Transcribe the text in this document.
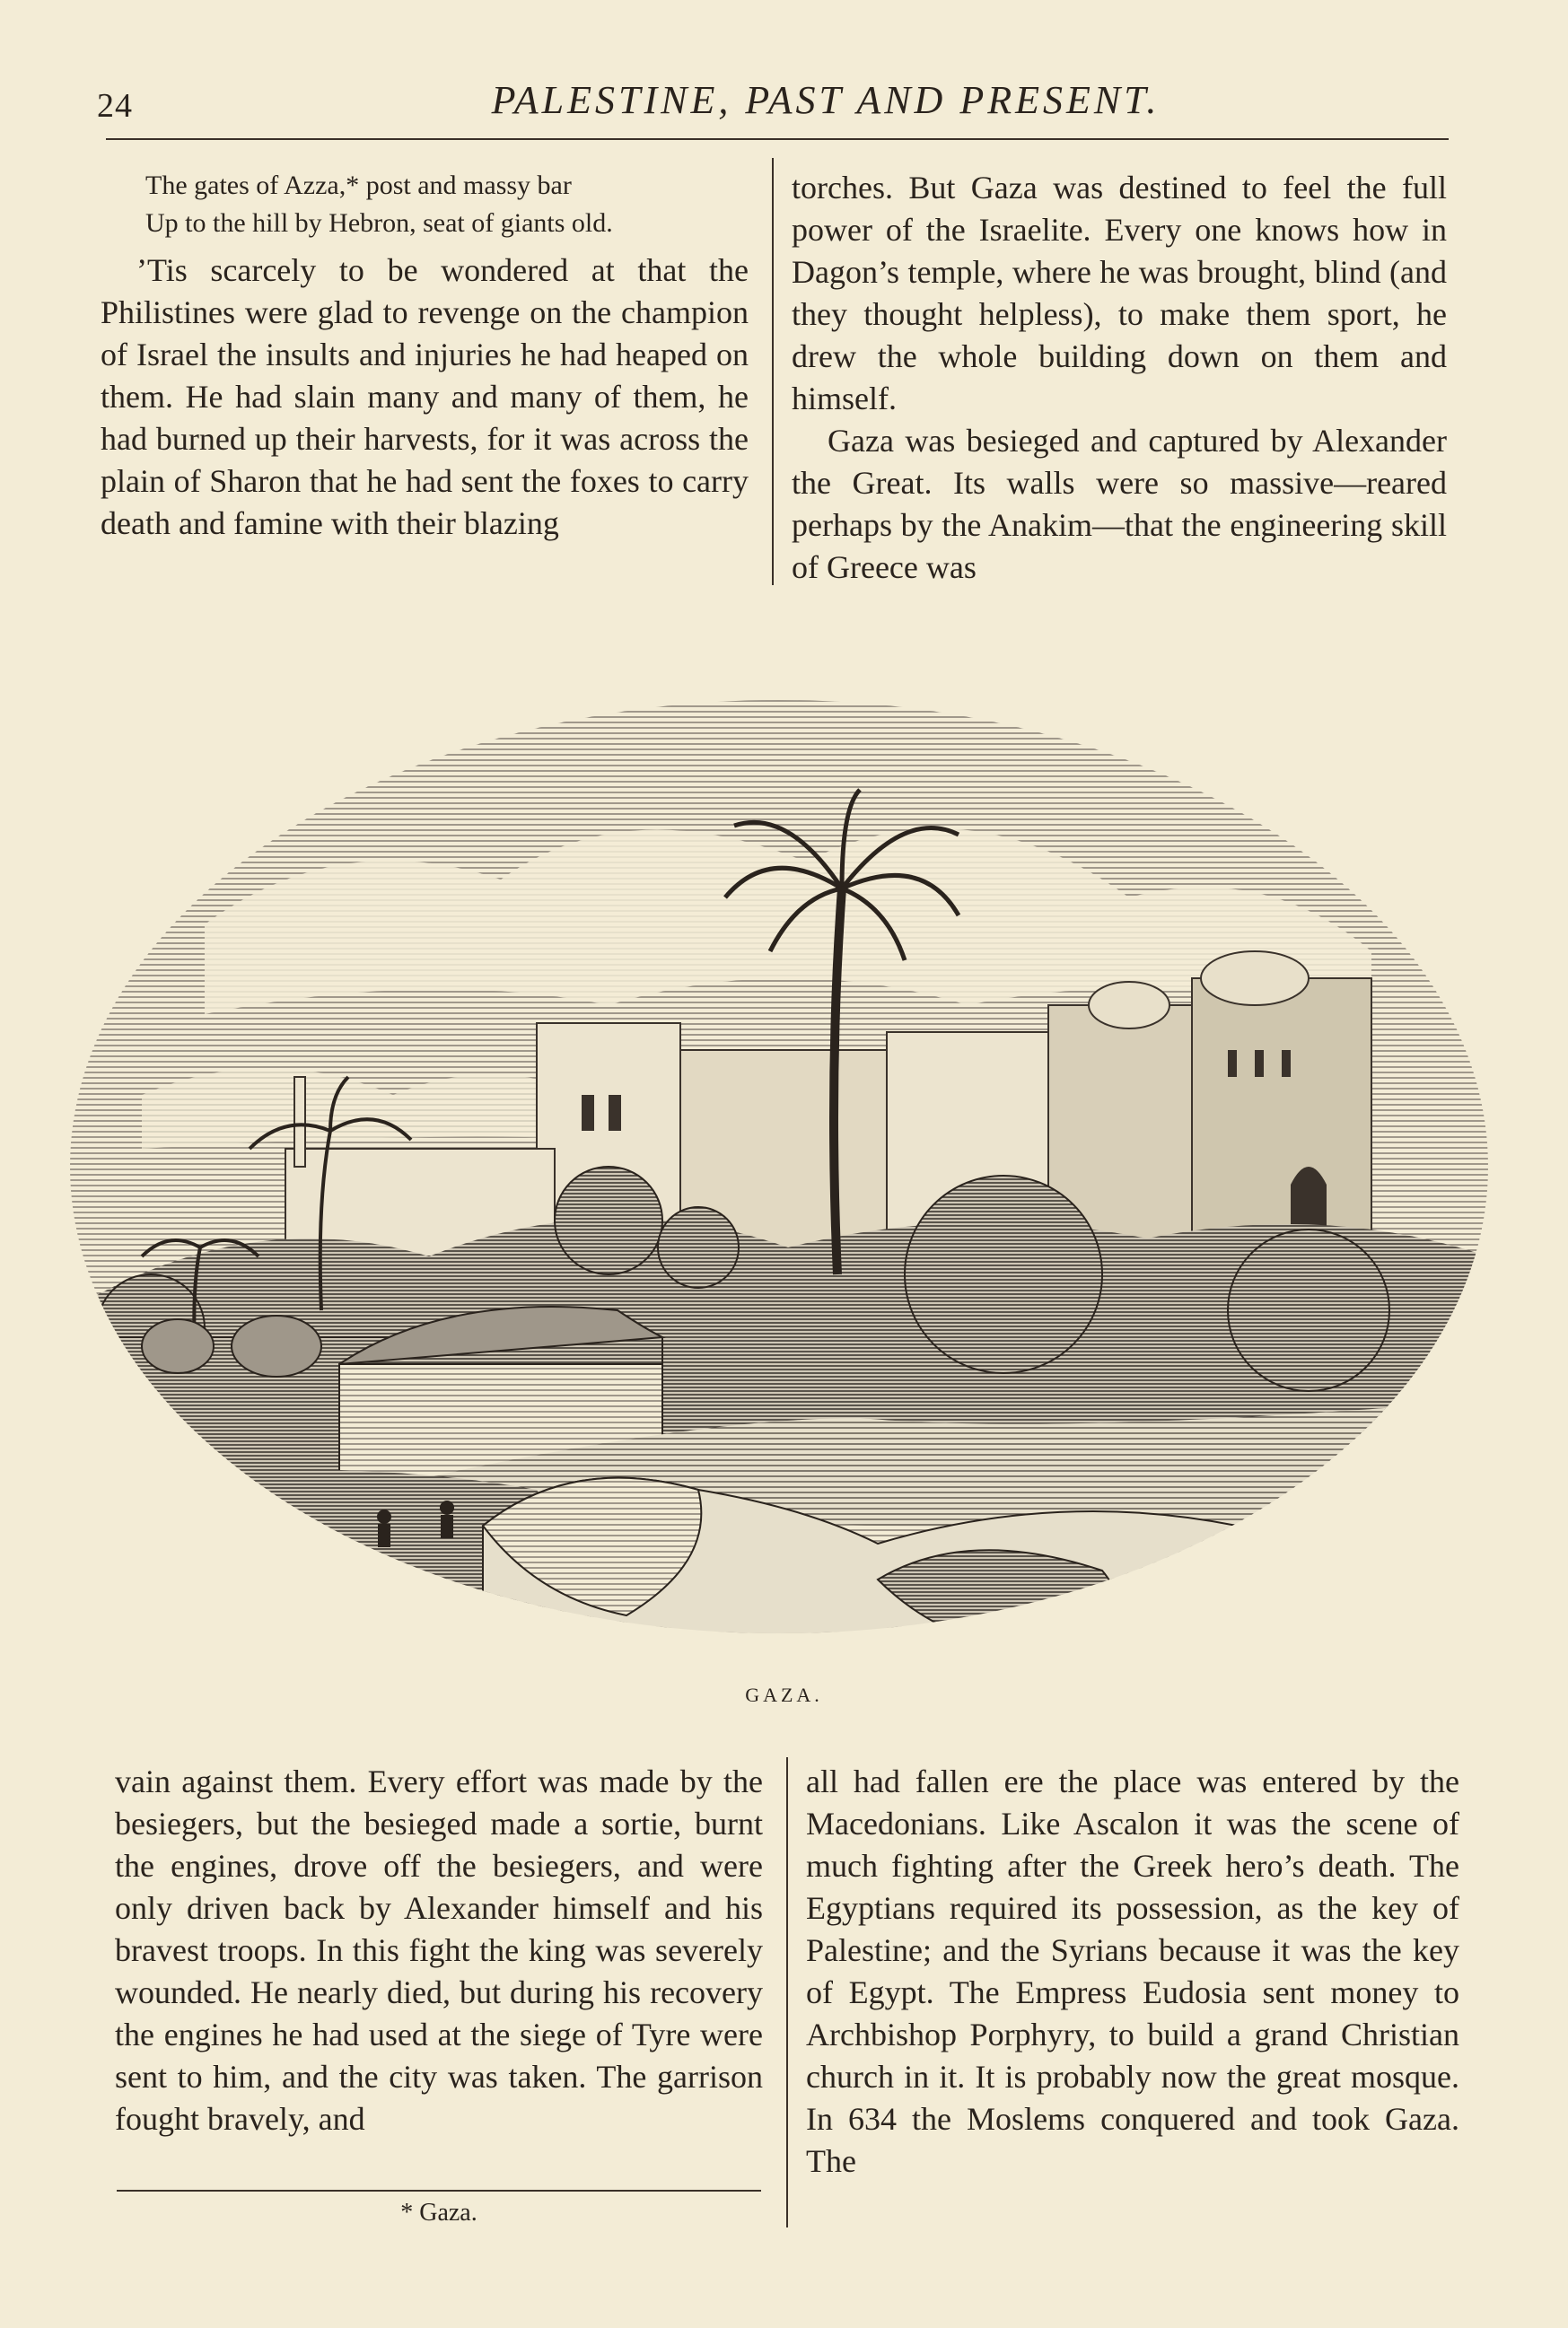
24	PALESTINE, PAST AND PRESENT.
The gates of Azza,* post and massy bar
Up to the hill by Hebron, seat of giants old.

’Tis scarcely to be wondered at that the Philistines were glad to revenge on the champion of Israel the insults and injuries he had heaped on them. He had slain many and many of them, he had burned up their harvests, for it was across the plain of Sharon that he had sent the foxes to carry death and famine with their blazing

torches. But Gaza was destined to feel the full power of the Israelite. Every one knows how in Dagon’s temple, where he was brought, blind (and they thought helpless), to make them sport, he drew the whole building down on them and himself.

Gaza was besieged and captured by Alexander the Great. Its walls were so massive—reared perhaps by the Anakim—that the engineering skill of Greece was

GAZA.

vain against them. Every effort was made by the besiegers, but the besieged made a sortie, burnt the engines, drove off the besiegers, and were only driven back by Alexander himself and his bravest troops. In this fight the king was severely wounded. He nearly died, but during his recovery the engines he had used at the siege of Tyre were sent to him, and the city was taken. The garrison fought bravely, and

all had fallen ere the place was entered by the Macedonians. Like Ascalon it was the scene of much fighting after the Greek hero’s death. The Egyptians required its possession, as the key of Palestine; and the Syrians because it was the key of Egypt. The Empress Eudosia sent money to Archbishop Porphyry, to build a grand Christian church in it. It is probably now the great mosque. In 634 the Moslems conquered and took Gaza. The

* Gaza.
